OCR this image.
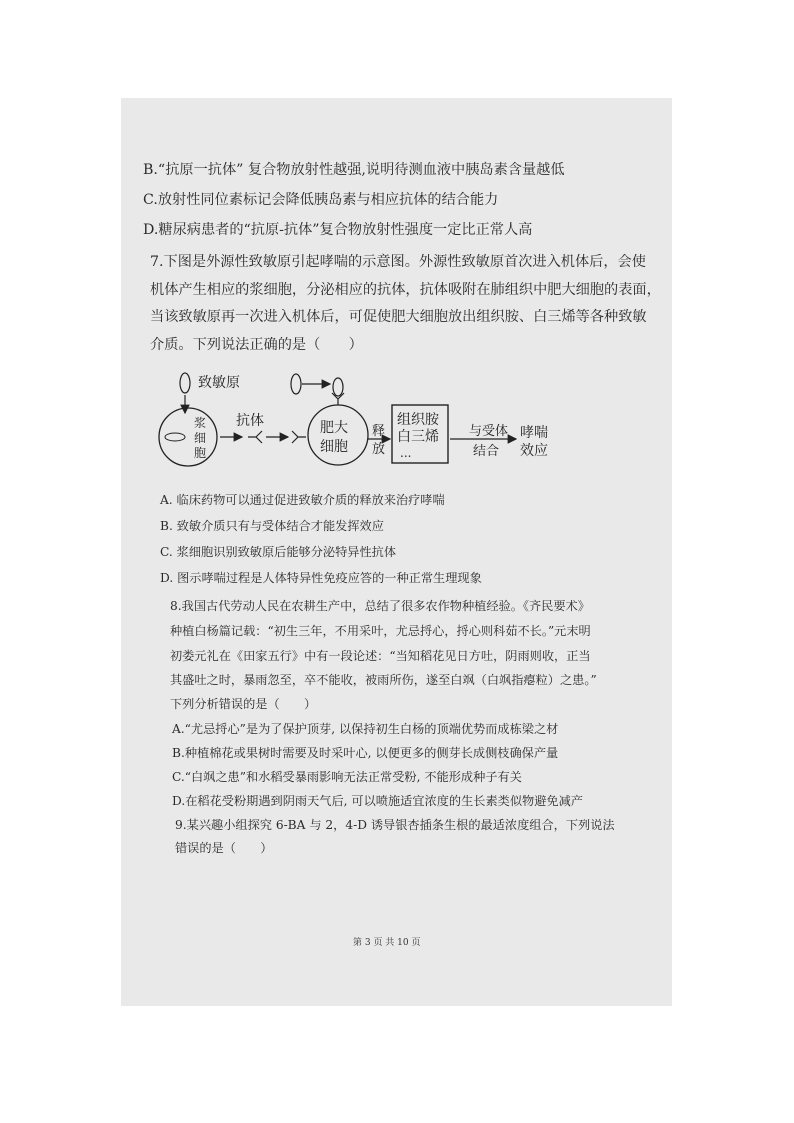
B.“抗原一抗体” 复合物放射性越强,说明待测血液中胰岛素含量越低
C.放射性同位素标记会降低胰岛素与相应抗体的结合能力
D.糖尿病患者的“抗原-抗体”复合物放射性强度一定比正常人高
7.下图是外源性致敏原引起哮喘的示意图。外源性致敏原首次进入机体后，会使
机体产生相应的浆细胞，分泌相应的抗体，抗体吸附在肺组织中肥大细胞的表面，
当该致敏原再一次进入机体后，可促使肥大细胞放出组织胺、白三烯等各种致敏
介质。下列说法正确的是（　　）
致敏原
浆
细
胞
抗体	肥大
细胞
释
放
组织胺
白三烯
...
与受体
结合
哮喘
效应
A. 临床药物可以通过促进致敏介质的释放来治疗哮喘
B. 致敏介质只有与受体结合才能发挥效应
C. 浆细胞识别致敏原后能够分泌特异性抗体
D. 图示哮喘过程是人体特异性免疫应答的一种正常生理现象
8.我国古代劳动人民在农耕生产中，总结了很多农作物种植经验。《齐民要术》
种植白杨篇记载：“初生三年，不用采叶，尤忌捋心，捋心则科茹不长。”元末明
初娄元礼在《田家五行》中有一段论述：“当知稻花见日方吐，阴雨则收，正当
其盛吐之时，暴雨忽至，卒不能收，被雨所伤，遂至白飒（白飒指瘪粒）之患。”
下列分析错误的是（　　）
A.“尤忌捋心”是为了保护顶芽, 以保持初生白杨的顶端优势而成栋梁之材
B.种植棉花或果树时需要及时采叶心, 以便更多的侧芽长成侧枝确保产量
C.“白飒之患”和水稻受暴雨影响无法正常受粉, 不能形成种子有关
D.在稻花受粉期遇到阴雨天气后, 可以喷施适宜浓度的生长素类似物避免减产
9.某兴趣小组探究 6-BA 与 2，4-D 诱导银杏插条生根的最适浓度组合，下列说法
错误的是（　　）
第 3 页 共 10 页
